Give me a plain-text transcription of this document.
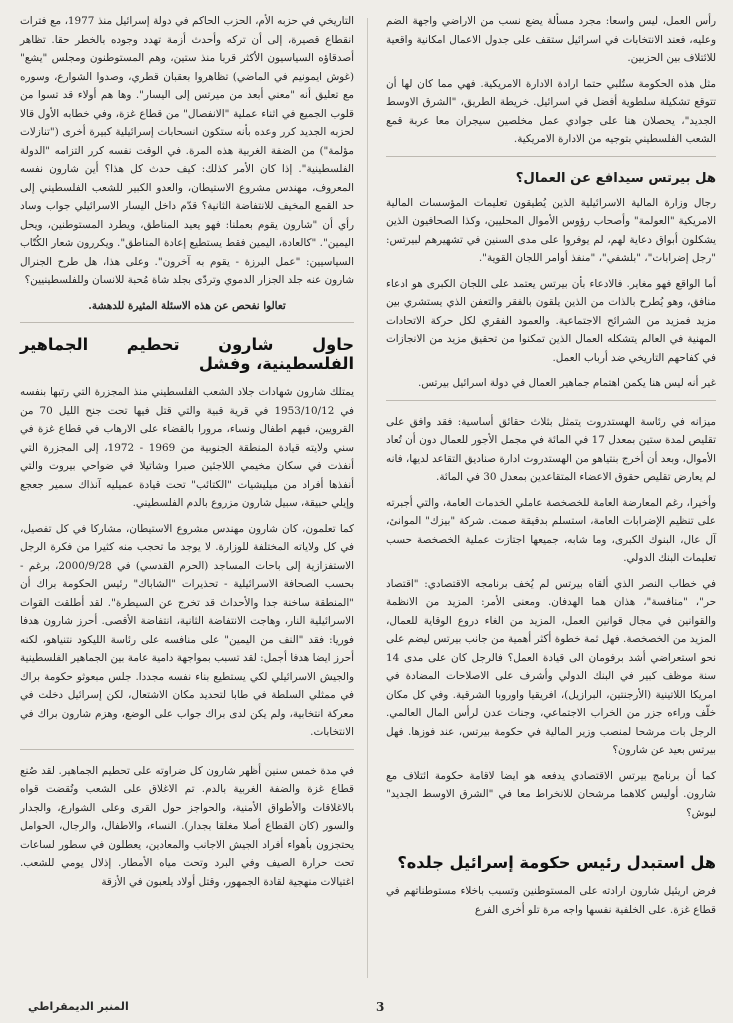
رأس العمل، ليس واسعا: مجرد مسألة يضع نسب من الاراضي واجهة الضم وعليه، فعند الانتخابات في اسرائيل ستقف على جدول الاعمال امكانية واقعية للائتلاف بين الحزبين.

مثل هذه الحكومة ستُلبي حتما ارادة الادارة الامريكية. فهي مما كان لها أن تتوقع تشكيلة سلطوية أفضل في اسرائيل. خريطة الطريق، "الشرق الاوسط الجديد"، يحصلان هنا على جوادي عمل مخلصين سيجران معا عربة قمع الشعب الفلسطيني بتوجيه من الادارة الامريكية.

هل بيرتس سيدافع عن العمال؟

رجال وزارة المالية الاسرائيلية الذين يُطيقون تعليمات المؤسسات المالية الامريكية "العولمة" وأصحاب رؤوس الأموال المحليين، وكذا الصحافيون الذين يشكلون أبواق دعاية لهم، لم يوفروا على مدى السنين في تشهيرهم لبيرتس: "رجل إضرابات"، "بلشفي"، "منفذ أوامر اللجان القوية".

أما الواقع فهو مغاير. فالادعاء بأن بيرتس يعتمد على اللجان الكبرى هو ادعاء منافق، وهو يُطرح بالذات من الذين يلقون بالفقر والتعفن الذي يستشري بين مزيد فمزيد من الشرائح الاجتماعية. والعمود الفقري لكل حركة الاتحادات المهنية في العالم يتشكله العمال الذين تمكنوا من تحقيق مزيد من الانجازات في كفاحهم التاريخي ضد أرباب العمل.

غير أنه ليس هنا يكمن اهتمام جماهير العمال في دولة اسرائيل بيرتس.

ميزانه في رئاسة الهستدروت يتمثل بثلاث حقائق أساسية: فقد وافق على تقليص لمدة ستين بمعدل 17 في المائة في مجمل الأجور للعمال دون أن تُعاد الأموال، وبعد أن أخرج بنتياهو من الهستدروت ادارة صناديق التقاعد لديها، فانه لم يعارض تقليص حقوق الاعضاء المتقاعدين بمعدل 30 في المائة.

وأخيرا، رغم المعارضة العامة للخصخصة عاملي الخدمات العامة، والتي أجبرته على تنظيم الإضرابات العامة، استسلم بدقيقة صمت. شركة "بيزك" الموانئ، آل عال، البنوك الكبرى، وما شابه، جميعها اجتازت عملية الخصخصة حسب تعليمات البنك الدولي.

في خطاب النصر الذي ألقاه بيرتس لم يُخف برنامجه الاقتصادي: "اقتصاد حر"، "منافسة"، هذان هما الهدفان. ومعنى الأمر: المزيد من الانظمة والقوانين في مجال قوانين العمل، المزيد من الغاء دروع الوقاية للعمال، المزيد من الخصخصة. فهل ثمة خطوة أكثر أهمية من جانب بيرتس ليضم على نحو استعراضي أشد برفومان الى قيادة العمل؟ فالرجل كان على مدى 14 سنة موظف كبير في البنك الدولي وأشرف على الاصلاحات المضادة في امريكا اللاتينية (الأرجنتين، البرازيل)، افريقيا واوروبا الشرقية. وفي كل مكان خلّف وراءه جزر من الخراب الاجتماعي، وجنات عدن لرأس المال العالمي. الرجل بات مرشحا لمنصب وزير المالية في حكومة بيرتس، عند فوزها. فهل بيرتس بعيد عن شارون؟

كما أن برنامج بيرتس الاقتصادي يدفعه هو ايضا لاقامة حكومة ائتلاف مع شارون. أوليس كلاهما مرشحان للانخراط معا في "الشرق الاوسط الجديد" لبوش؟

هل استبدل رئيس حكومة إسرائيل جلده؟

فرض اريئيل شارون ارادته على المستوطنين وتسبب باخلاء مستوطناتهم في قطاع غزة. على الخلفية نفسها واجه مرة تلو أخرى الفرع

التاريخي في حزبه الأم، الحزب الحاكم في دولة إسرائيل منذ 1977، مع فترات انقطاع قصيرة، إلى أن تركه وأحدث أزمة تهدد وجوده بالخطر حقا. تظاهر أصدقاؤه السياسيون الأكثر قربا منذ ستين، وهم المستوطنون ومجلس "يشع" (غوش ايمونيم في الماضي) تظاهروا بعقبان قطري، وصدوا الشوارع، وسوره مع تعليق أنه "معني أبعد من ميرتس إلى اليسار". وها هم أولاء قد تسوا من قلوب الجميع في اثناء عملية "الانفصال" من قطاع غزة، وفي خطابه الأول قالا لحزبه الجديد كرر وعده بأنه ستكون انسحابات إسرائيلية كبيرة أخرى ("تنازلات مؤلمة") من الضفة الغربية هذه المرة. في الوقت نفسه كرر التزامه "الدولة الفلسطينية". إذا كان الأمر كذلك: كيف حدث كل هذا؟ أين شارون نفسه المعروف، مهندس مشروع الاستيطان، والعدو الكبير للشعب الفلسطيني إلى حد القمع المخيف للانتفاضة الثانية؟ قدّم داخل اليسار الاسرائيلي جواب وساد رأي أن "شارون يقوم بعملنا: فهو يعيد المناطق، ويطرد المستوطنين، ويحل اليمين". "كالعادة، اليمين فقط يستطيع إعادة المناطق". ويكررون شعار الكُتّاب السياسيين: "عمل البرزة - يقوم به آخرون". وعلى هذا، هل طرح الجنرال شارون عنه جلد الجزار الدموي وتردّى بجلد شاة مُحبة للانسان وللفلسطينيين؟

تعالوا نفحص عن هذه الاسئلة المثيرة للدهشة.

حاول شارون تحطيم الجماهير الفلسطينية، وفشل

يمتلك شارون شهادات جلاد الشعب الفلسطيني منذ المجزرة التي رتبها بنفسه في 1953/10/12 في قرية قبية والتي قتل فيها تحت جنح الليل 70 من القرويين، فيهم اطفال ونساء، مرورا بالقضاء على الارهاب في قطاع غزة في سني ولايته قيادة المنطقة الجنوبية من 1969 - 1972، إلى المجزرة التي أنفذت في سكان مخيمي اللاجئين صبرا وشاتيلا في ضواحي بيروت والتي أنفذها أفراد من ميليشيات "الكتائب" تحت قيادة عميليه آنذاك سمير جعجع وإيلي حبيقة، سبيل شارون مزروع بالدم الفلسطيني.

كما تعلمون، كان شارون مهندس مشروع الاستيطان، مشاركا في كل تفصيل، في كل ولاياته المختلفة للوزارة. لا يوجد ما تحجب منه كثيرا من فكرة الرجل الاستفزازية إلى باحات المساجد (الحرم القدسي) في 2000/9/28، برغم - بحسب الصحافة الاسرائيلية - تحذيرات "الشاباك" رئيس الحكومة براك أن "المنطقة ساخنة جدا والأحداث قد تخرج عن السيطرة". لقد أطلقت القوات الاسرائيلية النار، وهاجت الانتفاضة الثانية، انتفاضة الأقصى. أحرز شارون هدفا فوريا: فقد "النف من اليمين" على منافسه على رئاسة الليكود نتنياهو، لكنه أحرز ايضا هدفا أجمل: لقد تسبب بمواجهة دامية عامة بين الجماهير الفلسطينية والجيش الاسرائيلي لكي يستطيع بناء نفسه مجددا. جلس مبعوثو حكومة براك في ممثلي السلطة في طابا لتحديد مكان الاشتعال، لكن إسرائيل دخلت في معركة انتخابية، ولم يكن لدى براك جواب على الوضع، وهزم شارون براك في الانتخابات.

في مدة خمس سنين أظهر شارون كل ضراوته على تحطيم الجماهير. لقد صُنع قطاع غزة والضفة الغربية بالدم. تم الاغلاق على الشعب وتُقضت قواه بالاغلاقات والأطواق الأمنية، والحواجز حول القرى وعلى الشوارع، والجدار والسور (كان القطاع أصلا مغلقا بجدار). النساء، والاطفال، والرجال، الحوامل يحتجزون بأهواء أفراد الجيش الاجانب والمعادين، يعطلون في سطور لساعات تحت حرارة الصيف وفي البرد وتحت مياه الأمطار. إذلال يومي للشعب. اغتيالات منهجية لقادة الجمهور، وقتل أولاد يلعبون في الأزقة

3
المنبر الديمقراطي
